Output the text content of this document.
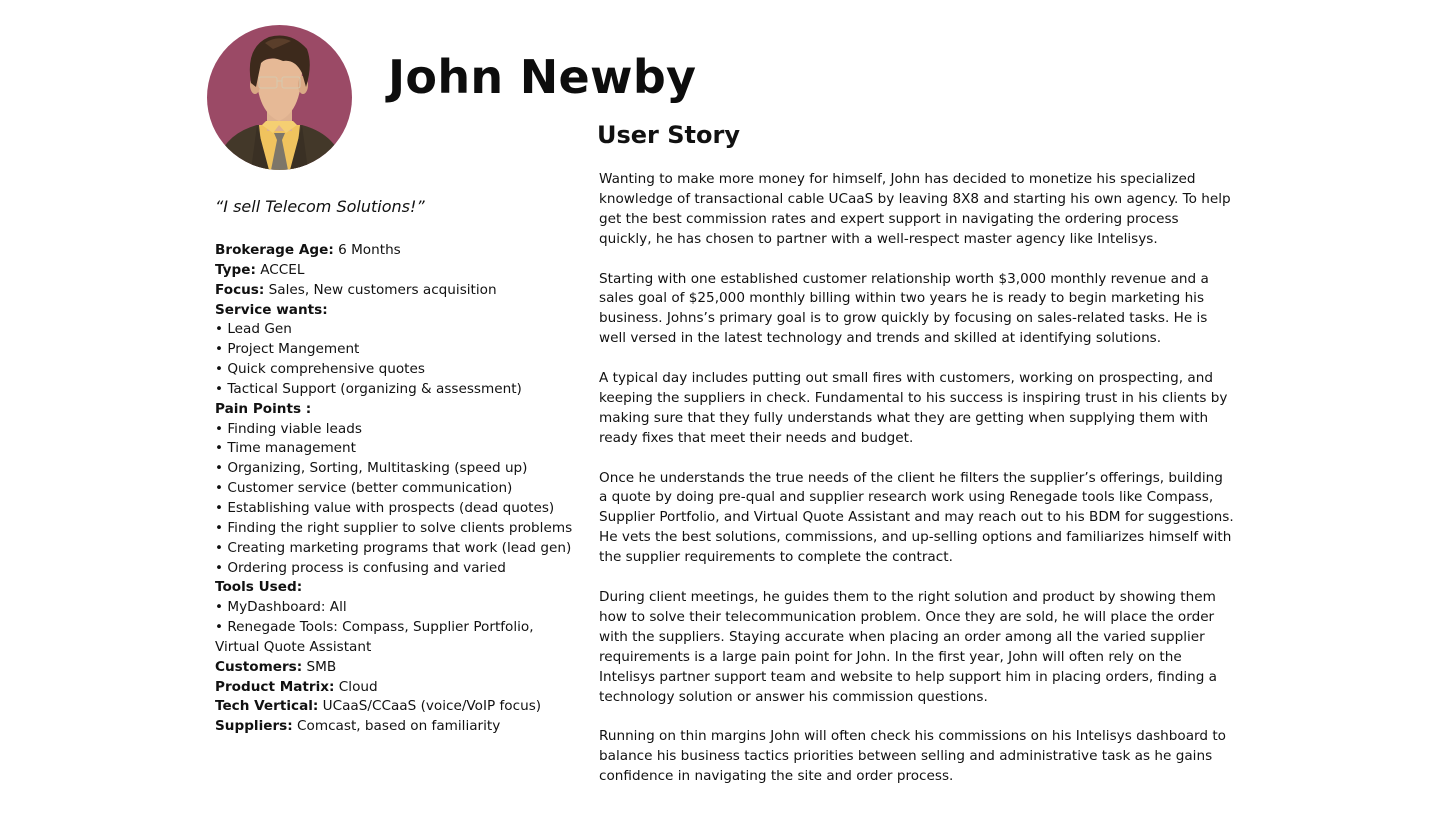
John Newby

“I sell Telecom Solutions!”

Brokerage Age: 6 Months
Type: ACCEL
Focus: Sales, New customers acquisition
Service wants:
• Lead Gen
• Project Mangement
• Quick comprehensive quotes
• Tactical Support (organizing & assessment)
Pain Points :
• Finding viable leads
• Time management
• Organizing, Sorting, Multitasking (speed up)
• Customer service (better communication)
• Establishing value with prospects (dead quotes)
• Finding the right supplier to solve clients problems
• Creating marketing programs that work (lead gen)
• Ordering process is confusing and varied
Tools Used:
• MyDashboard: All
• Renegade Tools: Compass, Supplier Portfolio, Virtual Quote Assistant
Customers: SMB
Product Matrix: Cloud
Tech Vertical: UCaaS/CCaaS (voice/VoIP focus)
Suppliers: Comcast, based on familiarity
User Story

Wanting to make more money for himself, John has decided to monetize his specialized knowledge of transactional cable UCaaS by leaving 8X8 and starting his own agency. To help get the best commission rates and expert support in navigating the ordering process quickly, he has chosen to partner with a well-respect master agency like Intelisys.

Starting with one established customer relationship worth $3,000 monthly revenue and a sales goal of $25,000 monthly billing within two years he is ready to begin marketing his business. Johns’s primary goal is to grow quickly by focusing on sales-related tasks. He is well versed in the latest technology and trends and skilled at identifying solutions.

A typical day includes putting out small fires with customers, working on prospecting, and keeping the suppliers in check. Fundamental to his success is inspiring trust in his clients by making sure that they fully understands what they are getting when supplying them with ready fixes that meet their needs and budget.

Once he understands the true needs of the client he filters the supplier’s offerings, building a quote by doing pre-qual and supplier research work using Renegade tools like Compass, Supplier Portfolio, and Virtual Quote Assistant and may reach out to his BDM for suggestions. He vets the best solutions, commissions, and up-selling options and familiarizes himself with the supplier requirements to complete the contract.

During client meetings, he guides them to the right solution and product by showing them how to solve their telecommunication problem. Once they are sold, he will place the order with the suppliers. Staying accurate when placing an order among all the varied supplier requirements is a large pain point for John. In the first year, John will often rely on the Intelisys partner support team and website to help support him in placing orders, finding a technology solution or answer his commission questions.

Running on thin margins John will often check his commissions on his Intelisys dashboard to balance his business tactics priorities between selling and administrative task as he gains confidence in navigating the site and order process.
